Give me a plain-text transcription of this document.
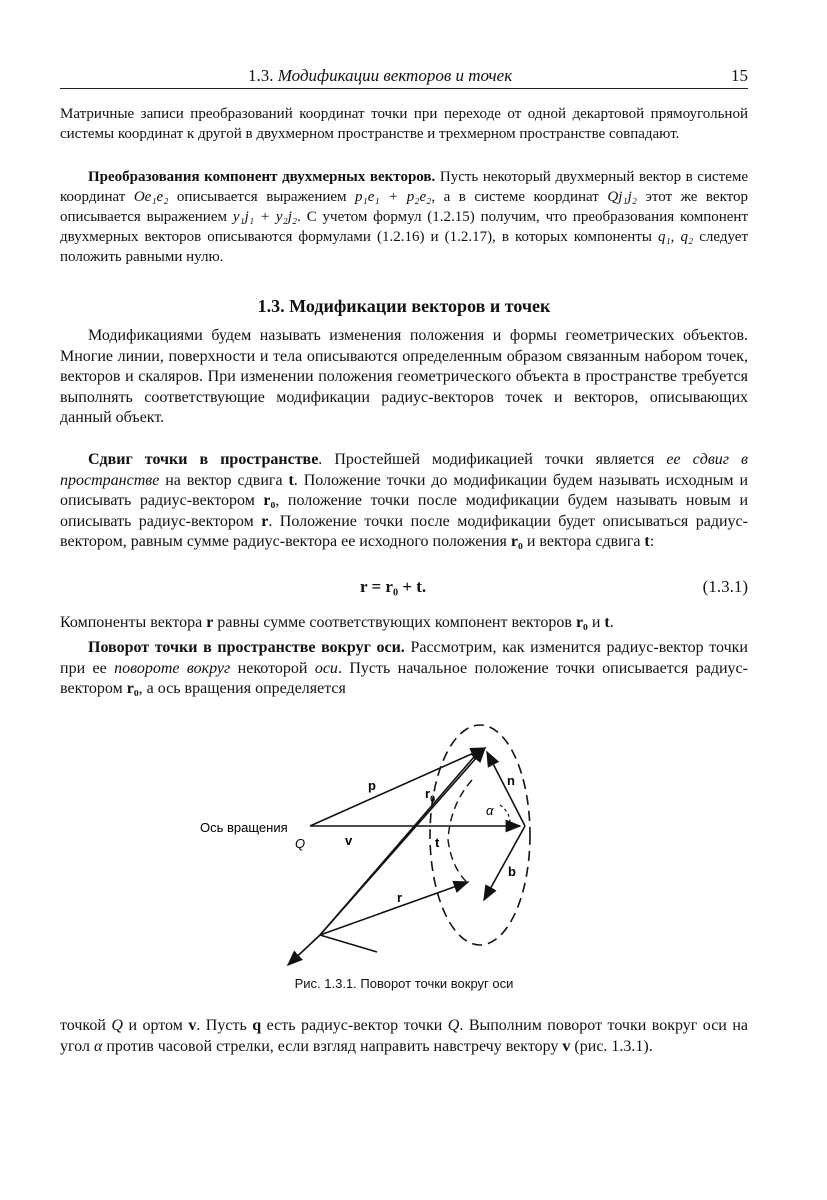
1.3. Модификации векторов и точек	15

Матричные записи преобразований координат точки при переходе от одной декартовой прямоугольной системы координат к другой в двухмерном пространстве и трехмерном пространстве совпадают.

Преобразования компонент двухмерных векторов. Пусть некоторый двухмерный вектор в системе координат Oe₁e₂ описывается выражением p₁e₁ + p₂e₂, а в системе координат Qj₁j₂ этот же вектор описывается выражением y₁j₁ + y₂j₂. С учетом формул (1.2.15) получим, что преобразования компонент двухмерных векторов описываются формулами (1.2.16) и (1.2.17), в которых компоненты q₁, q₂ следует положить равными нулю.

1.3. Модификации векторов и точек

Модификациями будем называть изменения положения и формы геометрических объектов. Многие линии, поверхности и тела описываются определенным образом связанным набором точек, векторов и скаляров. При изменении положения геометрического объекта в пространстве требуется выполнять соответствующие модификации радиус-векторов точек и векторов, описывающих данный объект.

Сдвиг точки в пространстве. Простейшей модификацией точки является ее сдвиг в пространстве на вектор сдвига t. Положение точки до модификации будем называть исходным и описывать радиус-вектором r₀, положение точки после модификации будем называть новым и описывать радиус-вектором r. Положение точки после модификации будет описываться радиус-вектором, равным сумме радиус-вектора ее исходного положения r₀ и вектора сдвига t:

r = r₀ + t.	(1.3.1)

Компоненты вектора r равны сумме соответствующих компонент векторов r₀ и t.

Поворот точки в пространстве вокруг оси. Рассмотрим, как изменится радиус-вектор точки при ее повороте вокруг некоторой оси. Пусть начальное положение точки описывается радиус-вектором r₀, а ось вращения определяется

Ось вращения
Q	v	t
p
$r_0$
r
n
b
α
Рис. 1.3.1. Поворот точки вокруг оси

точкой Q и ортом v. Пусть q есть радиус-вектор точки Q. Выполним поворот точки вокруг оси на угол α против часовой стрелки, если взгляд направить навстречу вектору v (рис. 1.3.1).
